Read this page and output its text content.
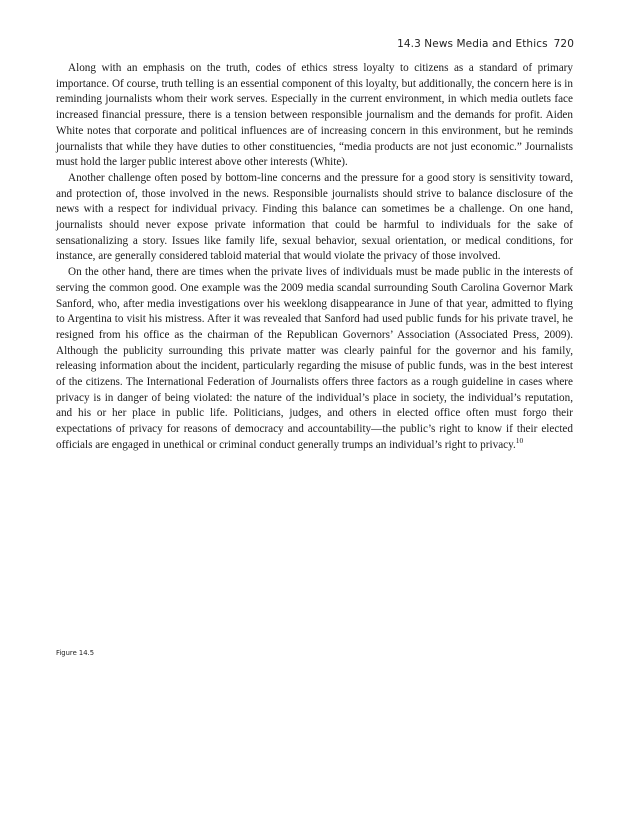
14.3 News Media and Ethics 720

Along with an emphasis on the truth, codes of ethics stress loyalty to citizens as a standard of primary importance. Of course, truth telling is an essential component of this loyalty, but additionally, the concern here is in reminding journalists whom their work serves. Especially in the current environment, in which media outlets face increased financial pressure, there is a tension between responsible journalism and the demands for profit. Aiden White notes that corporate and political influences are of increasing concern in this environment, but he reminds journalists that while they have duties to other constituencies, “media products are not just economic.” Journalists must hold the larger public interest above other interests (White).

Another challenge often posed by bottom-line concerns and the pressure for a good story is sensitivity toward, and protection of, those involved in the news. Responsible journalists should strive to balance disclosure of the news with a respect for individual privacy. Finding this balance can sometimes be a challenge. On one hand, journalists should never expose private information that could be harmful to individuals for the sake of sensationalizing a story. Issues like family life, sexual behavior, sexual orientation, or medical conditions, for instance, are generally considered tabloid material that would violate the privacy of those involved.

On the other hand, there are times when the private lives of individuals must be made public in the interests of serving the common good. One example was the 2009 media scandal surrounding South Carolina Governor Mark Sanford, who, after media investigations over his weeklong disappearance in June of that year, admitted to flying to Argentina to visit his mistress. After it was revealed that Sanford had used public funds for his private travel, he resigned from his office as the chairman of the Republican Governors’ Association (Associated Press, 2009). Although the publicity surrounding this private matter was clearly painful for the governor and his family, releasing information about the incident, particularly regarding the misuse of public funds, was in the best interest of the citizens. The International Federation of Journalists offers three factors as a rough guideline in cases where privacy is in danger of being violated: the nature of the individual’s place in society, the individual’s reputation, and his or her place in public life. Politicians, judges, and others in elected office often must forgo their expectations of privacy for reasons of democracy and accountability—the public’s right to know if their elected officials are engaged in unethical or criminal conduct generally trumps an individual’s right to privacy.$^{10}$

Figure 14.5
